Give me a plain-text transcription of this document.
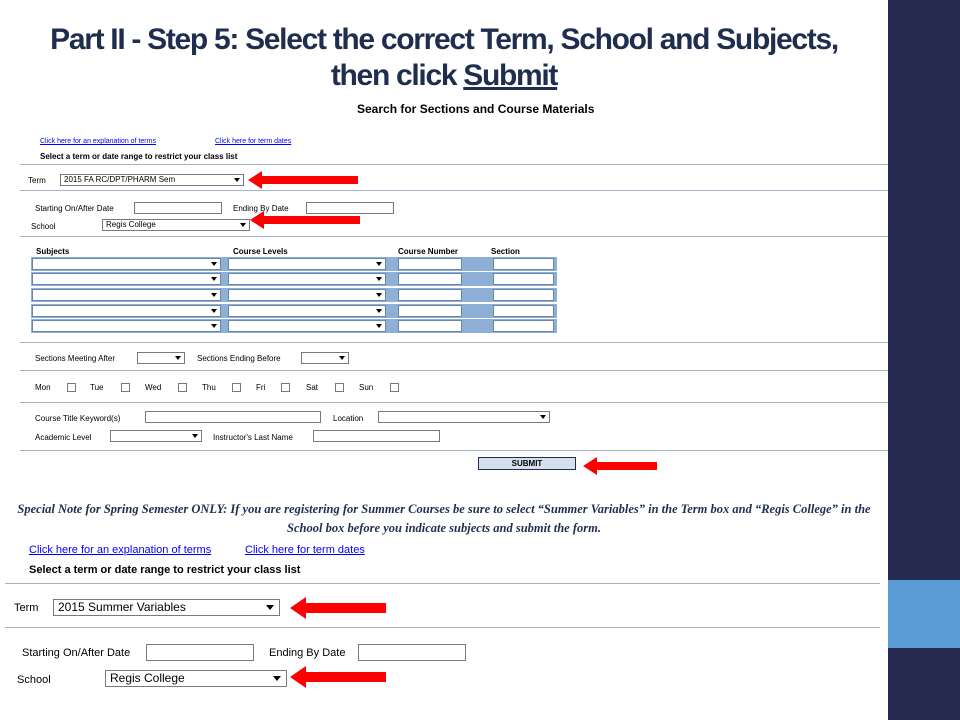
Part II - Step 5: Select the correct Term, School and Subjects,
then click Submit
Search for Sections and Course Materials
Click here for an explanation of terms	Click here for term dates
Select a term or date range to restrict your class list
Term	2015 FA RC/DPT/PHARM Sem
Starting On/After Date	Ending By Date
School	Regis College
Subjects	Course Levels	Course Number	Section
Sections Meeting After	Sections Ending Before
Mon	Tue	Wed	Thu	Fri	Sat	Sun
Course Title Keyword(s)	Location
Academic Level	Instructor's Last Name
SUBMIT
Special Note for Spring Semester ONLY: If you are registering for Summer Courses be sure to select “Summer Variables” in the Term box and “Regis College” in the School box before you indicate subjects and submit the form.
Click here for an explanation of terms	Click here for term dates
Select a term or date range to restrict your class list
Term	2015 Summer Variables
Starting On/After Date	Ending By Date
School	Regis College
